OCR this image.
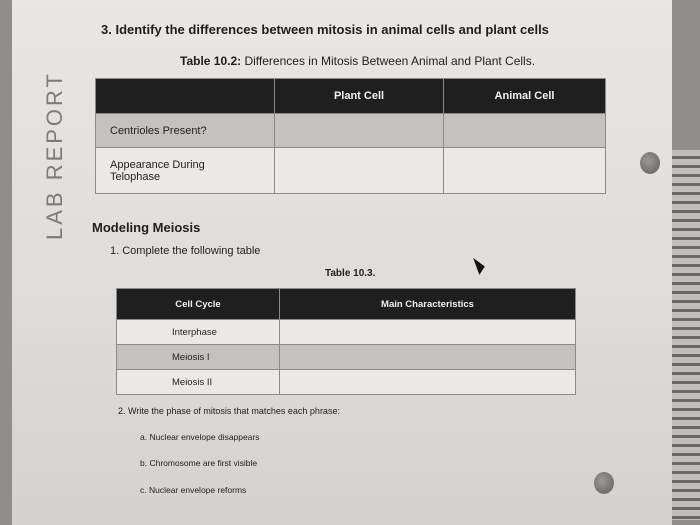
LAB REPORT
3. Identify the differences between mitosis in animal cells and plant cells
Table 10.2: Differences in Mitosis Between Animal and Plant Cells.
	Plant Cell	Animal Cell
Centrioles Present?		
Appearance During
Telophase		
Modeling Meiosis
1. Complete the following table
Table 10.3.
Cell Cycle	Main Characteristics
Interphase	
Meiosis I	
Meiosis II	
2. Write the phase of mitosis that matches each phrase:
a. Nuclear envelope disappears
b. Chromosome are first visible
c. Nuclear envelope reforms
